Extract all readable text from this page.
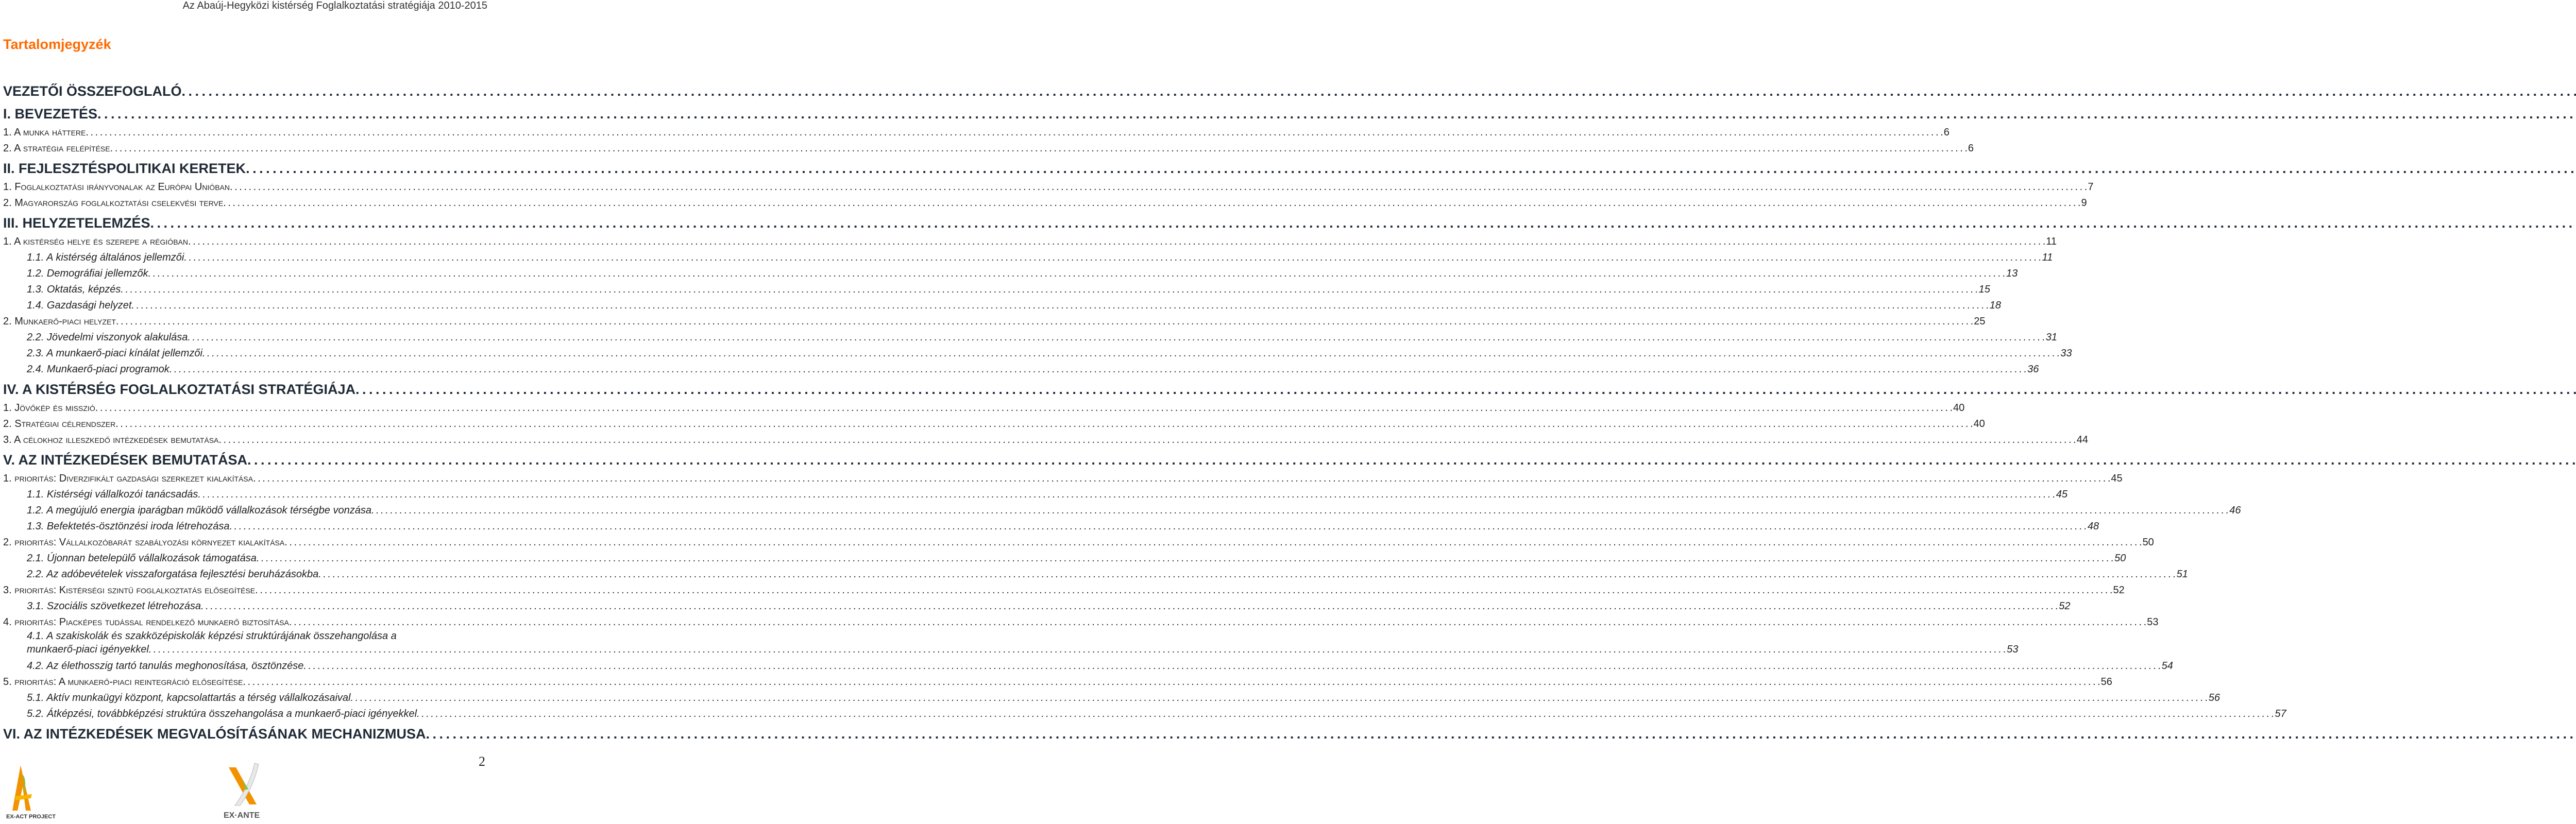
Az Abaúj-Hegyközi kistérség Foglalkoztatási stratégiája 2010-2015
Tartalomjegyzék
VEZETŐI ÖSSZEFOGLALÓ
. . .
I. BEVEZETÉS
. . .
1. A munka háttere . . .	6
2. A stratégia felépítése . . .	6
II. FEJLESZTÉSPOLITIKAI KERETEK
. . .
1. Foglalkoztatási irányvonalak az Európai Unióban . . .	7
2. Magyarország foglalkoztatási cselekvési terve . . .	9
III. HELYZETELEMZÉS
. . .
1. A kistérség helye és szerepe a régióban . . .	11
1.1. A kistérség általános jellemzői . . .	11
1.2. Demográfiai jellemzők . . .	13
1.3. Oktatás, képzés . . .	15
1.4. Gazdasági helyzet . . .	18
2. Munkaerő-piaci helyzet . . .	25
2.2. Jövedelmi viszonyok alakulása . . .	31
2.3. A munkaerő-piaci kínálat jellemzői . . .	33
2.4. Munkaerő-piaci programok . . .	36
IV. A KISTÉRSÉG FOGLALKOZTATÁSI STRATÉGIÁJA
. . .
1. Jövőkép és misszió . . .	40
2. Stratégiai célrendszer . . .	40
3. A célokhoz illeszkedő intézkedések bemutatása . . .	44
V. AZ INTÉZKEDÉSEK BEMUTATÁSA
. . .
1. prioritás: Diverzifikált gazdasági szerkezet kialakítása . . .	45
1.1. Kistérségi vállalkozói tanácsadás . . .	45
1.2. A megújuló energia iparágban működő vállalkozások térségbe vonzása . . .	46
1.3. Befektetés-ösztönzési iroda létrehozása . . .	48
2. prioritás: Vállalkozóbarát szabályozási környezet kialakítása . . .	50
2.1. Újonnan betelepülő vállalkozások támogatása . . .	50
2.2. Az adóbevételek visszaforgatása fejlesztési beruházásokba . . .	51
3. prioritás: Kistérségi szintű foglalkoztatás elősegítése . . .	52
3.1. Szociális szövetkezet létrehozása . . .	52
4. prioritás: Piacképes tudással rendelkező munkaerő biztosítása . . .	53
4.1. A szakiskolák és szakközépiskolák képzési struktúrájának összehangolása a
munkaerő-piaci igényekkel . . .	53
4.2. Az élethosszig tartó tanulás meghonosítása, ösztönzése . . .	54
5. prioritás: A munkaerő-piaci reintegráció elősegítése . . .	56
5.1. Aktív munkaügyi központ, kapcsolattartás a térség vállalkozásaival . . .	56
5.2. Átképzési, továbbképzési struktúra összehangolása a munkaerő-piaci igényekkel . . .	57
VI. AZ INTÉZKEDÉSEK MEGVALÓSÍTÁSÁNAK MECHANIZMUSA
. . .
2
EX-ACT PROJECT	EX·ANTE
